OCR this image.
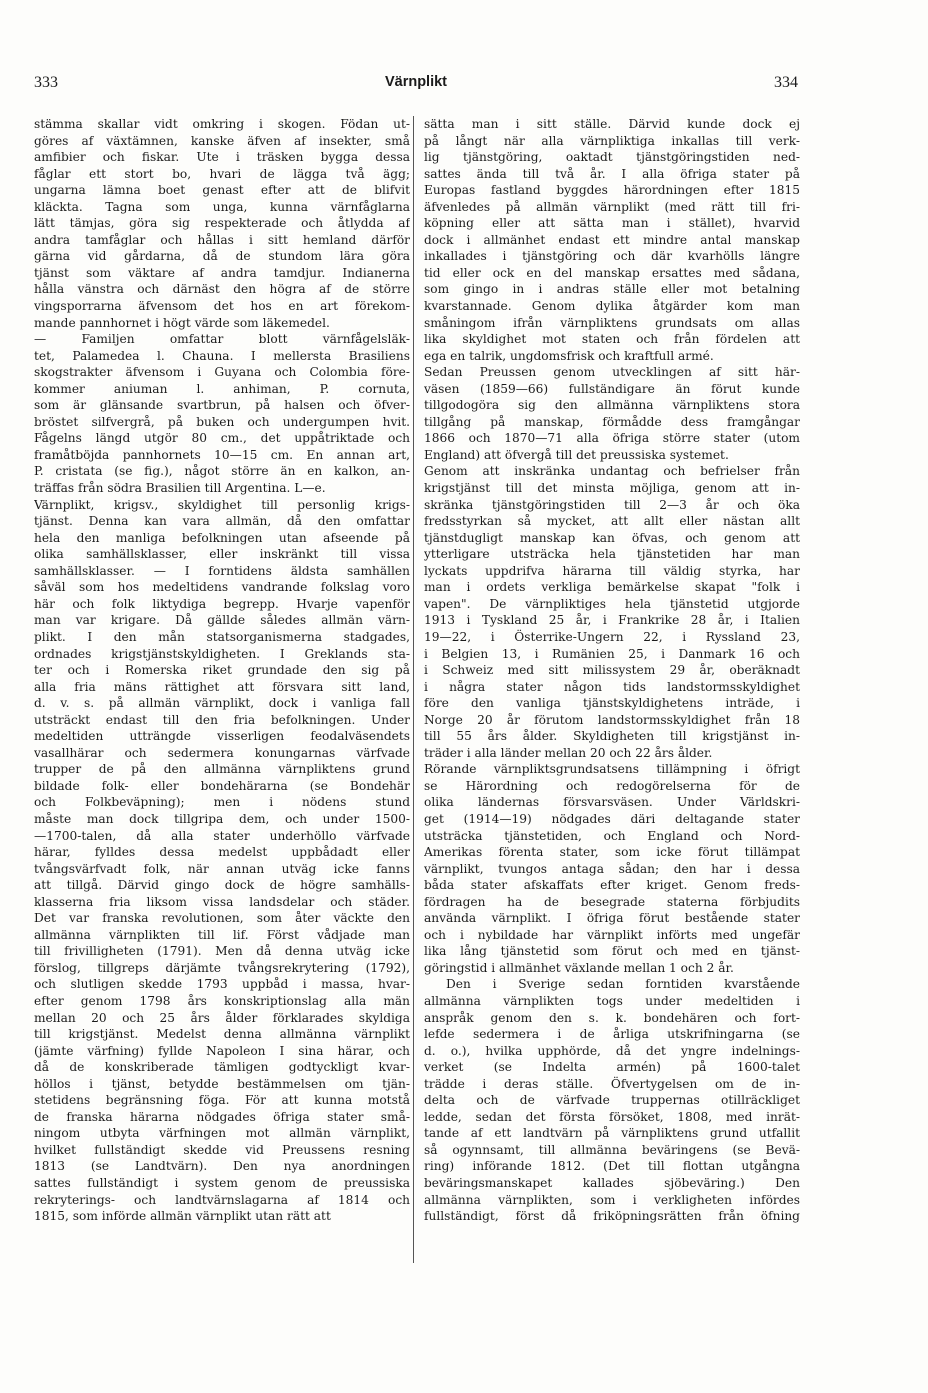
333	Värnplikt	334
stämma skallar vidt omkring i skogen. Födan ut-
göres af växtämnen, kanske äfven af insekter, små
amfibier och fiskar. Ute i träsken bygga dessa
fåglar ett stort bo, hvari de lägga två ägg;
ungarna lämna boet genast efter att de blifvit
kläckta. Tagna som unga, kunna värnfåglarna
lätt tämjas, göra sig respekterade och åtlydda af
andra tamfåglar och hållas i sitt hemland därför
gärna vid gårdarna, då de stundom lära göra
tjänst som väktare af andra tamdjur. Indianerna
hålla vänstra och därnäst den högra af de större
vingsporrarna äfvensom det hos en art förekom-
mande pannhornet i högt värde som läkemedel.
— Familjen omfattar blott värnfågelsläk-
tet, Palamedea l. Chauna. I mellersta Brasiliens
skogstrakter äfvensom i Guyana och Colombia före-
kommer aniuman l. anhiman, P. cornuta,
som är glänsande svartbrun, på halsen och öfver-
bröstet silfvergrå, på buken och undergumpen hvit.
Fågelns längd utgör 80 cm., det uppåtriktade och
framåtböjda pannhornets 10—15 cm. En annan art,
P. cristata (se fig.), något större än en kalkon, an-
träffas från södra Brasilien till Argentina. L—e.
Värnplikt, krigsv., skyldighet till personlig krigs-
tjänst. Denna kan vara allmän, då den omfattar
hela den manliga befolkningen utan afseende på
olika samhällsklasser, eller inskränkt till vissa
samhällsklasser. — I forntidens äldsta samhällen
såväl som hos medeltidens vandrande folkslag voro
här och folk liktydiga begrepp. Hvarje vapenför
man var krigare. Då gällde således allmän värn-
plikt. I den mån statsorganismerna stadgades,
ordnades krigstjänstskyldigheten. I Greklands sta-
ter och i Romerska riket grundade den sig på
alla fria mäns rättighet att försvara sitt land,
d. v. s. på allmän värnplikt, dock i vanliga fall
utsträckt endast till den fria befolkningen. Under
medeltiden utträngde visserligen feodalväsendets
vasallhärar och sedermera konungarnas värfvade
trupper de på den allmänna värnpliktens grund
bildade folk- eller bondehärarna (se Bondehär
och Folkbeväpning); men i nödens stund
måste man dock tillgripa dem, och under 1500-
—1700-talen, då alla stater underhöllo värfvade
härar, fylldes dessa medelst uppbådadt eller
tvångsvärfvadt folk, när annan utväg icke fanns
att tillgå. Därvid gingo dock de högre samhälls-
klasserna fria liksom vissa landsdelar och städer.
Det var franska revolutionen, som åter väckte den
allmänna värnplikten till lif. Först vådjade man
till frivilligheten (1791). Men då denna utväg icke
förslog, tillgreps därjämte tvångsrekrytering (1792),
och slutligen skedde 1793 uppbåd i massa, hvar-
efter genom 1798 års konskriptionslag alla män
mellan 20 och 25 års ålder förklarades skyldiga
till krigstjänst. Medelst denna allmänna värnplikt
(jämte värfning) fyllde Napoleon I sina härar, och
då de konskriberade tämligen godtyckligt kvar-
höllos i tjänst, betydde bestämmelsen om tjän-
stetidens begränsning föga. För att kunna motstå
de franska härarna nödgades öfriga stater små-
ningom utbyta värfningen mot allmän värnplikt,
hvilket fullständigt skedde vid Preussens resning
1813 (se Landtvärn). Den nya anordningen
sattes fullständigt i system genom de preussiska
rekryterings- och landtvärnslagarna af 1814 och
1815, som införde allmän värnplikt utan rätt att
sätta man i sitt ställe. Därvid kunde dock ej
på långt när alla värnpliktiga inkallas till verk-
lig tjänstgöring, oaktadt tjänstgöringstiden ned-
sattes ända till två år. I alla öfriga stater på
Europas fastland byggdes härordningen efter 1815
äfvenledes på allmän värnplikt (med rätt till fri-
köpning eller att sätta man i stället), hvarvid
dock i allmänhet endast ett mindre antal manskap
inkallades i tjänstgöring och där kvarhölls längre
tid eller ock en del manskap ersattes med sådana,
som gingo in i andras ställe eller mot betalning
kvarstannade. Genom dylika åtgärder kom man
småningom ifrån värnpliktens grundsats om allas
lika skyldighet mot staten och från fördelen att
ega en talrik, ungdomsfrisk och kraftfull armé.
Sedan Preussen genom utvecklingen af sitt här-
väsen (1859—66) fullständigare än förut kunde
tillgodogöra sig den allmänna värnpliktens stora
tillgång på manskap, förmådde dess framgångar
1866 och 1870—71 alla öfriga större stater (utom
England) att öfvergå till det preussiska systemet.
Genom att inskränka undantag och befrielser från
krigstjänst till det minsta möjliga, genom att in-
skränka tjänstgöringstiden till 2—3 år och öka
fredsstyrkan så mycket, att allt eller nästan allt
tjänstdugligt manskap kan öfvas, och genom att
ytterligare utsträcka hela tjänstetiden har man
lyckats uppdrifva härarna till väldig styrka, har
man i ordets verkliga bemärkelse skapat "folk i
vapen". De värnpliktiges hela tjänstetid utgjorde
1913 i Tyskland 25 år, i Frankrike 28 år, i Italien
19—22, i Österrike-Ungern 22, i Ryssland 23,
i Belgien 13, i Rumänien 25, i Danmark 16 och
i Schweiz med sitt milissystem 29 år, oberäknadt
i några stater någon tids landstormsskyldighet
före den vanliga tjänstskyldighetens inträde, i
Norge 20 år förutom landstormsskyldighet från 18
till 55 års ålder. Skyldigheten till krigstjänst in-
träder i alla länder mellan 20 och 22 års ålder.
Rörande värnpliktsgrundsatsens tillämpning i öfrigt
se Härordning och redogörelserna för de
olika ländernas försvarsväsen. Under Världskri-
get (1914—19) nödgades däri deltagande stater
utsträcka tjänstetiden, och England och Nord-
Amerikas förenta stater, som icke förut tillämpat
värnplikt, tvungos antaga sådan; den har i dessa
båda stater afskaffats efter kriget. Genom freds-
fördragen ha de besegrade staterna förbjudits
använda värnplikt. I öfriga förut bestående stater
och i nybildade har värnplikt införts med ungefär
lika lång tjänstetid som förut och med en tjänst-
göringstid i allmänhet växlande mellan 1 och 2 år.
Den i Sverige sedan forntiden kvarstående
allmänna värnplikten togs under medeltiden i
anspråk genom den s. k. bondehären och fort-
lefde sedermera i de årliga utskrifningarna (se
d. o.), hvilka upphörde, då det yngre indelnings-
verket (se Indelta armén) på 1600-talet
trädde i deras ställe. Öfvertygelsen om de in-
delta och de värfvade truppernas otillräckliget
ledde, sedan det första försöket, 1808, med inrät-
tande af ett landtvärn på värnpliktens grund utfallit
så ogynnsamt, till allmänna beväringens (se Bevä-
ring) införande 1812. (Det till flottan utgångna
beväringsmanskapet kallades sjöbeväring.) Den
allmänna värnplikten, som i verkligheten infördes
fullständigt, först då friköpningsrätten från öfning
